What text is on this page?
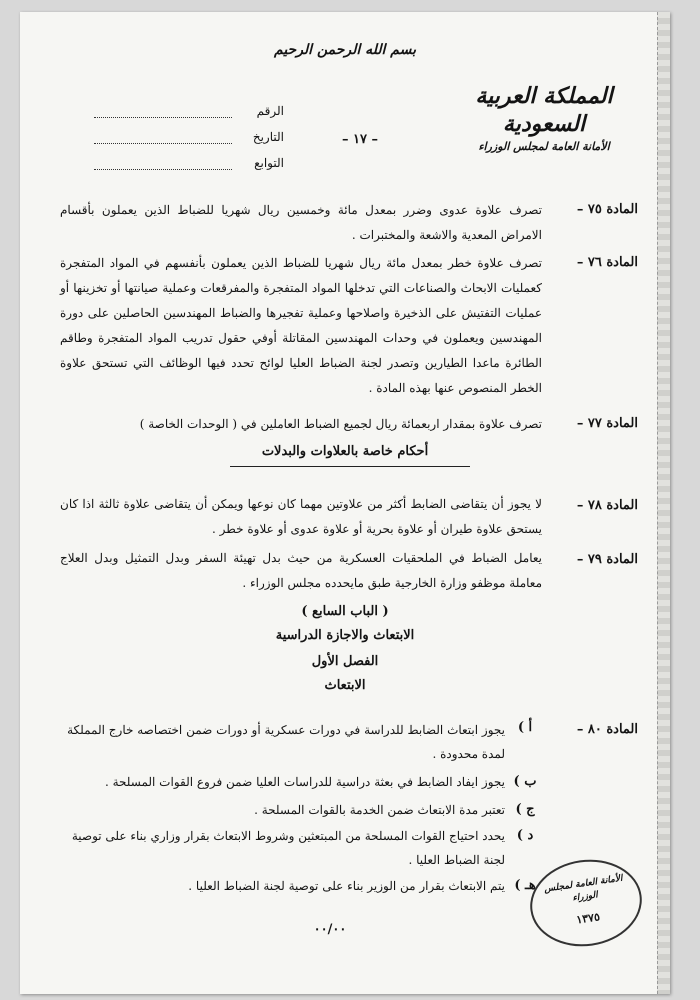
بسم الله الرحمن الرحيم
المملكة العربية السعودية
الأمانة العامة لمجلس الوزراء
الرقم
التاريخ
التوابع
– ١٧ –
المادة ٧٥ –
تصرف علاوة عدوى وضرر بمعدل مائة وخمسين ريال شهريا للضباط الذين يعملون بأقسام الامراض المعدية والاشعة والمختبرات .
المادة ٧٦ –
تصرف علاوة خطر بمعدل مائة ريال شهريا للضباط الذين يعملون بأنفسهم في المواد المتفجرة كعمليات الابحاث والصناعات التي تدخلها المواد المتفجرة والمفرقعات وعملية صيانتها أو تخزينها أو عمليات التفتيش على الذخيرة واصلاحها وعملية تفجيرها والضباط المهندسين الحاصلين على دورة المهندسين ويعملون في وحدات المهندسين المقاتلة أوفي حقول تدريب المواد المتفجرة وطاقم الطائرة ماعدا الطيارين وتصدر لجنة الضباط العليا لوائح تحدد فيها الوظائف التي تستحق علاوة الخطر المنصوص عنها بهذه المادة .
المادة ٧٧ –
تصرف علاوة بمقدار اربعمائة ريال لجميع الضباط العاملين في ( الوحدات الخاصة )
أحكام خاصة بالعلاوات والبدلات
المادة ٧٨ –
لا يجوز أن يتقاضى الضابط أكثر من علاوتين مهما كان نوعها ويمكن أن يتقاضى علاوة ثالثة اذا كان يستحق علاوة طيران أو علاوة بحرية أو علاوة عدوى أو علاوة خطر .
المادة ٧٩ –
يعامل الضباط في الملحقيات العسكرية من حيث بدل تهيئة السفر وبدل التمثيل وبدل العلاج معاملة موظفو وزارة الخارجية طبق مايحدده مجلس الوزراء .
( الباب السابع )
الابتعاث والاجازة الدراسية
الفصل الأول
الابتعاث
المادة ٨٠ –
أ )
يجوز ابتعاث الضابط للدراسة في دورات عسكرية أو دورات ضمن اختصاصه خارج المملكة لمدة محدودة .
ب )
يجوز ايفاد الضابط في بعثة دراسية للدراسات العليا ضمن فروع القوات المسلحة .
ج )
تعتبر مدة الابتعاث ضمن الخدمة بالقوات المسلحة .
د )
يحدد احتياج القوات المسلحة من المبتعثين وشروط الابتعاث بقرار وزاري بناء على توصية لجنة الضباط العليا .
هـ )
يتم الابتعاث بقرار من الوزير بناء على توصية لجنة الضباط العليا .
٠٠/٠٠
الأمانة العامة لمجلس الوزراء
١٣٧٥
